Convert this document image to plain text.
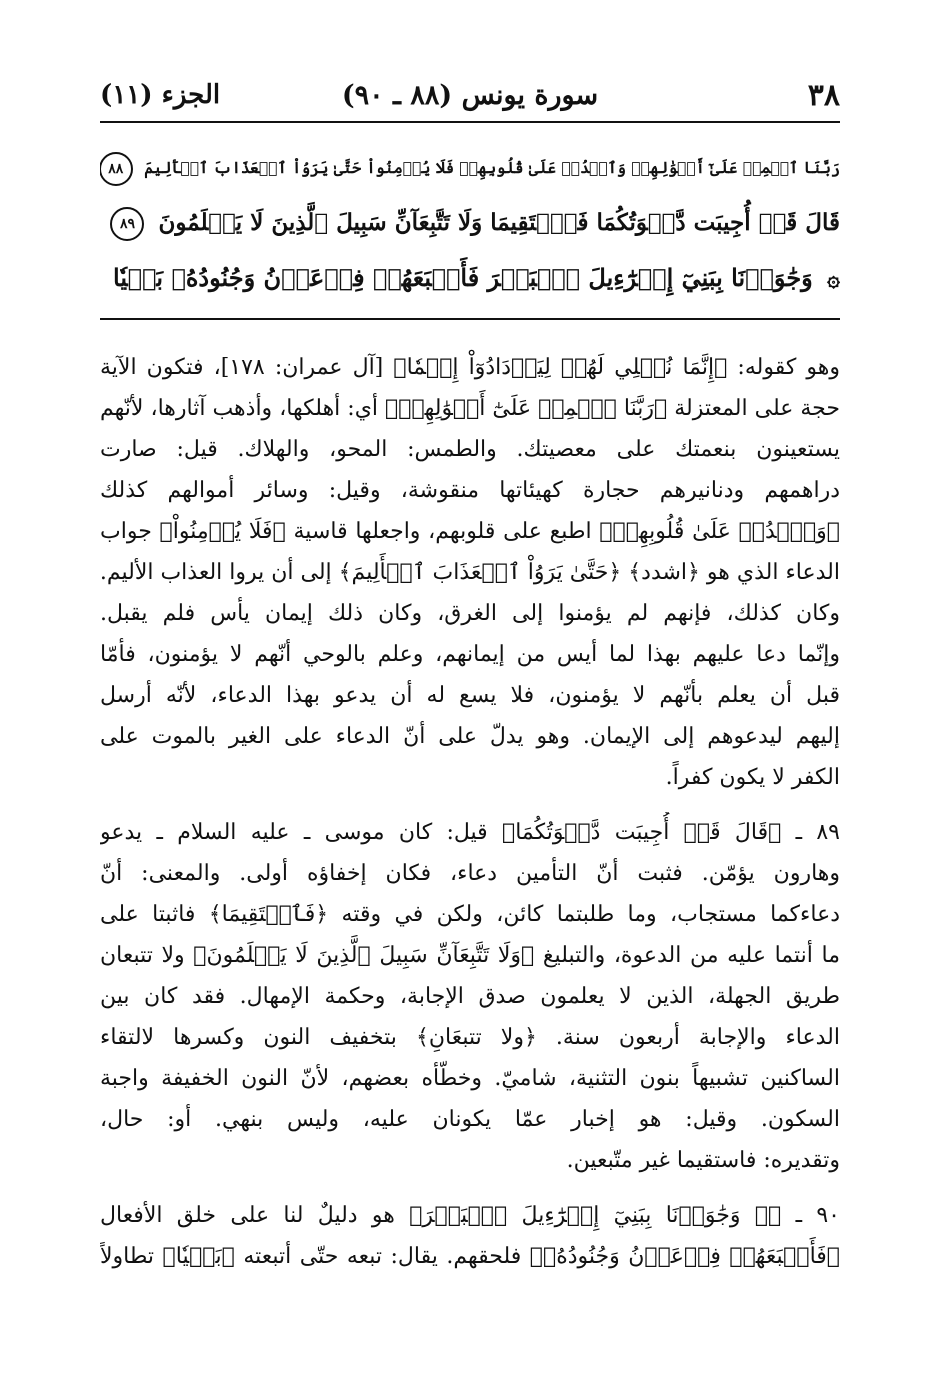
٣٨
سورة يونس (٨٨ ـ ٩٠)
الجزء (١١)
رَبَّنَا ٱطۡمِسۡ عَلَىٰٓ أَمۡوَٰلِهِمۡ وَٱشۡدُدۡ عَلَىٰ قُلُوبِهِمۡ فَلَا يُؤۡمِنُواْ حَتَّىٰ يَرَوُاْ ٱلۡعَذَابَ ٱلۡأَلِيمَ ٨٨
قَالَ قَدۡ أُجِيبَت دَّعۡوَتُكُمَا فَٱسۡتَقِيمَا وَلَا تَتَّبِعَآنِّ سَبِيلَ ٱلَّذِينَ لَا يَعۡلَمُونَ ٨٩
۞ وَجَٰوَزۡنَا بِبَنِيٓ إِسۡرَٰٓءِيلَ ٱلۡبَحۡرَ فَأَتۡبَعَهُمۡ فِرۡعَوۡنُ وَجُنُودُهُۥ بَغۡيٗا
وهو كقوله: ﴿إِنَّمَا نُمۡلِي لَهُمۡ لِيَزۡدَادُوٓاْ إِثۡمٗا﴾ [آل عمران: ١٧٨]، فتكون الآية
حجة على المعتزلة ﴿رَبَّنَا ٱطۡمِسۡ عَلَىٰٓ أَمۡوَٰلِهِمۡ﴾ أي: أهلكها، وأذهب آثارها، لأنّهم
يستعينون بنعمتك على معصيتك. والطمس: المحو، والهلاك. قيل: صارت
دراهمهم ودنانيرهم حجارة كهيئاتها منقوشة، وقيل: وسائر أموالهم كذلك
﴿وَٱشۡدُدۡ عَلَىٰ قُلُوبِهِمۡ﴾ اطبع على قلوبهم، واجعلها قاسية ﴿فَلَا يُؤۡمِنُواْ﴾ جواب
الدعاء الذي هو ﴿اشدد﴾ ﴿حَتَّىٰ يَرَوُاْ ٱلۡعَذَابَ ٱلۡأَلِيمَ﴾ إلى أن يروا العذاب الأليم.
وكان كذلك، فإنهم لم يؤمنوا إلى الغرق، وكان ذلك إيمان يأس فلم يقبل.
وإنّما دعا عليهم بهذا لما أيس من إيمانهم، وعلم بالوحي أنّهم لا يؤمنون، فأمّا
قبل أن يعلم بأنّهم لا يؤمنون، فلا يسع له أن يدعو بهذا الدعاء، لأنّه أرسل
إليهم ليدعوهم إلى الإيمان. وهو يدلّ على أنّ الدعاء على الغير بالموت على
الكفر لا يكون كفراً.
٨٩ ـ ﴿قَالَ قَدۡ أُجِيبَت دَّعۡوَتُكُمَا﴾ قيل: كان موسى ـ عليه السلام ـ يدعو
وهارون يؤمّن. فثبت أنّ التأمين دعاء، فكان إخفاؤه أولى. والمعنى: أنّ
دعاءكما مستجاب، وما طلبتما كائن، ولكن في وقته ﴿فَٱسۡتَقِيمَا﴾ فاثبتا على
ما أنتما عليه من الدعوة، والتبليغ ﴿وَلَا تَتَّبِعَآنِّ سَبِيلَ ٱلَّذِينَ لَا يَعۡلَمُونَ﴾ ولا تتبعان
طريق الجهلة، الذين لا يعلمون صدق الإجابة، وحكمة الإمهال. فقد كان بين
الدعاء والإجابة أربعون سنة. ﴿ولا تتبعَانِ﴾ بتخفيف النون وكسرها لالتقاء
الساكنين تشبيهاً بنون التثنية، شاميّ. وخطّأه بعضهم، لأنّ النون الخفيفة واجبة
السكون. وقيل: هو إخبار عمّا يكونان عليه، وليس بنهي. أو: حال،
وتقديره: فاستقيما غير متّبعين.
٩٠ ـ ﴿۞ وَجَٰوَزۡنَا بِبَنِيٓ إِسۡرَٰٓءِيلَ ٱلۡبَحۡرَ﴾ هو دليلٌ لنا على خلق الأفعال
﴿فَأَتۡبَعَهُمۡ فِرۡعَوۡنُ وَجُنُودُهُۥ﴾ فلحقهم. يقال: تبعه حتّى أتبعته ﴿بَغۡيٗا﴾ تطاولاً
